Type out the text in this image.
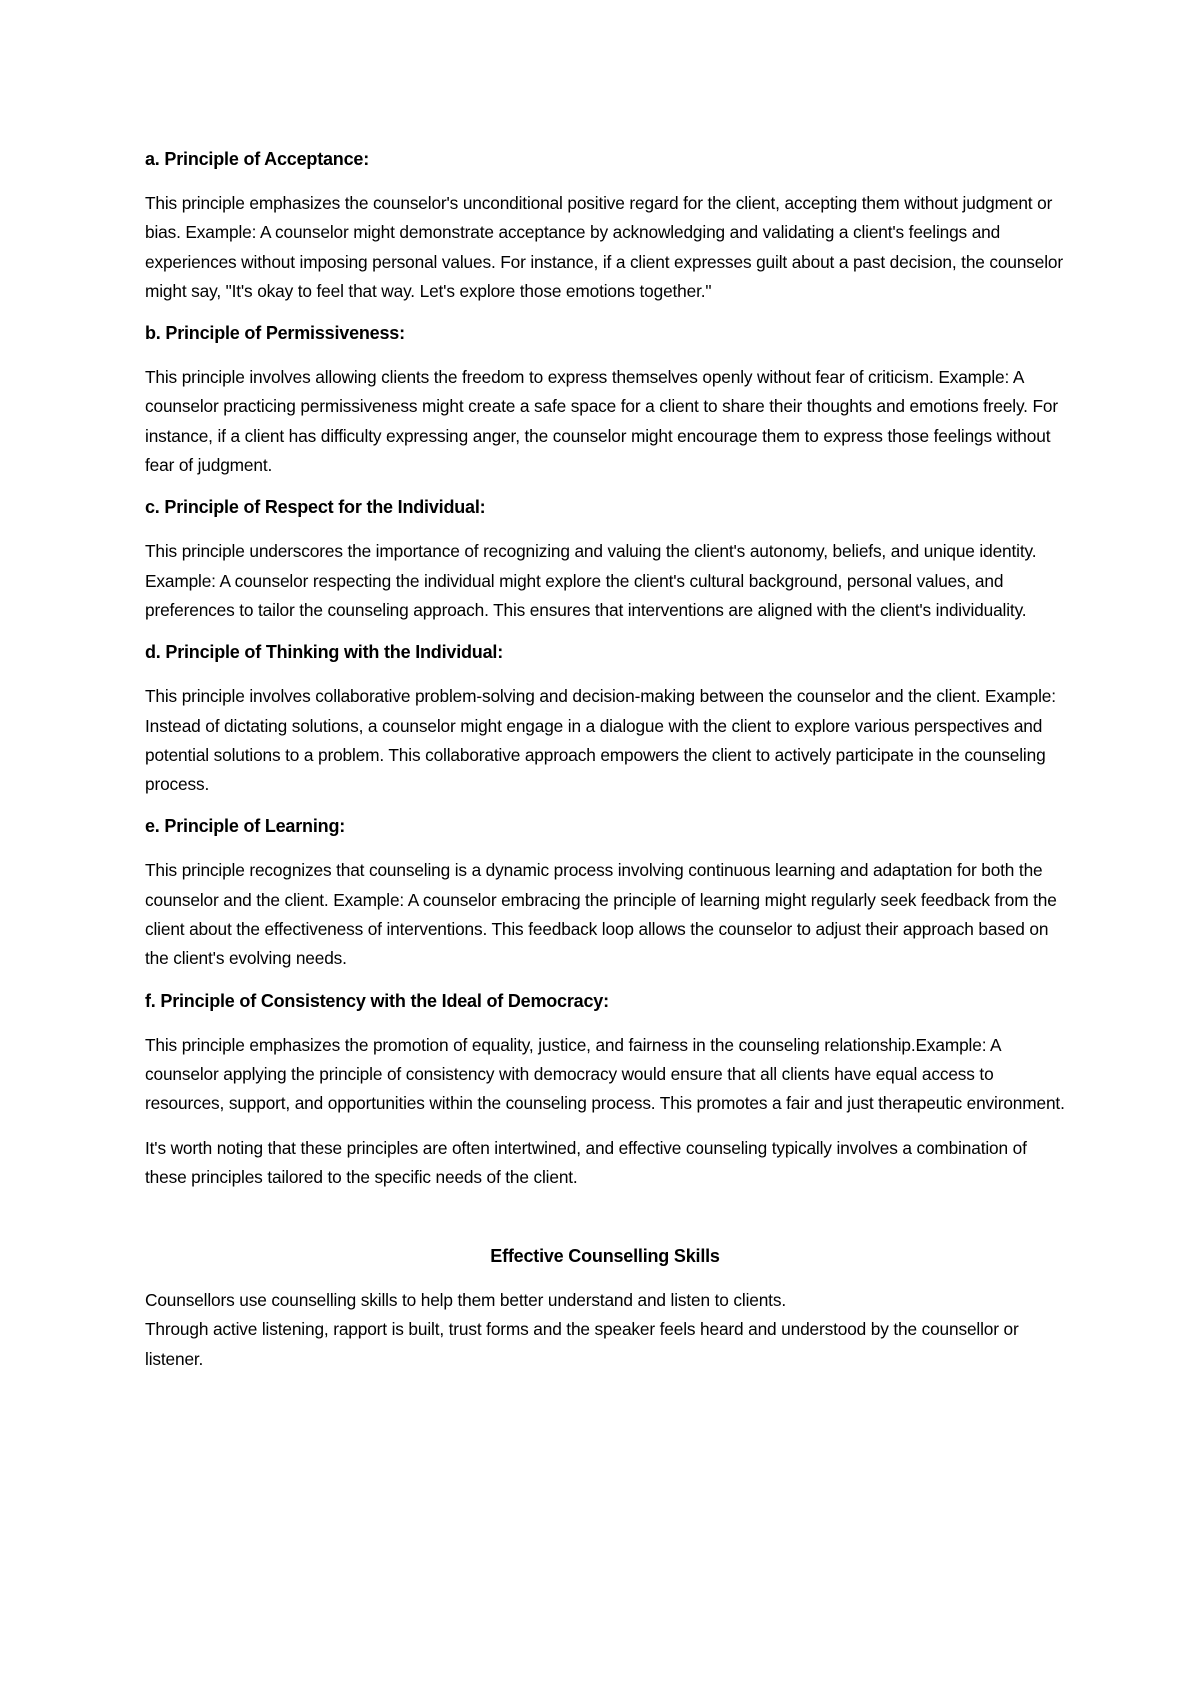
a. Principle of Acceptance:

This principle emphasizes the counselor's unconditional positive regard for the client, accepting them without judgment or bias. Example: A counselor might demonstrate acceptance by acknowledging and validating a client's feelings and experiences without imposing personal values. For instance, if a client expresses guilt about a past decision, the counselor might say, "It's okay to feel that way. Let's explore those emotions together."

b. Principle of Permissiveness:

This principle involves allowing clients the freedom to express themselves openly without fear of criticism. Example: A counselor practicing permissiveness might create a safe space for a client to share their thoughts and emotions freely. For instance, if a client has difficulty expressing anger, the counselor might encourage them to express those feelings without fear of judgment.

c. Principle of Respect for the Individual:

This principle underscores the importance of recognizing and valuing the client's autonomy, beliefs, and unique identity. Example: A counselor respecting the individual might explore the client's cultural background, personal values, and preferences to tailor the counseling approach. This ensures that interventions are aligned with the client's individuality.

d. Principle of Thinking with the Individual:

This principle involves collaborative problem-solving and decision-making between the counselor and the client. Example: Instead of dictating solutions, a counselor might engage in a dialogue with the client to explore various perspectives and potential solutions to a problem. This collaborative approach empowers the client to actively participate in the counseling process.

e. Principle of Learning:

This principle recognizes that counseling is a dynamic process involving continuous learning and adaptation for both the counselor and the client. Example: A counselor embracing the principle of learning might regularly seek feedback from the client about the effectiveness of interventions. This feedback loop allows the counselor to adjust their approach based on the client's evolving needs.

f. Principle of Consistency with the Ideal of Democracy:

This principle emphasizes the promotion of equality, justice, and fairness in the counseling relationship.Example: A counselor applying the principle of consistency with democracy would ensure that all clients have equal access to resources, support, and opportunities within the counseling process. This promotes a fair and just therapeutic environment.

It's worth noting that these principles are often intertwined, and effective counseling typically involves a combination of these principles tailored to the specific needs of the client.

Effective Counselling Skills

Counsellors use counselling skills to help them better understand and listen to clients.

Through active listening, rapport is built, trust forms and the speaker feels heard and understood by the counsellor or listener.
